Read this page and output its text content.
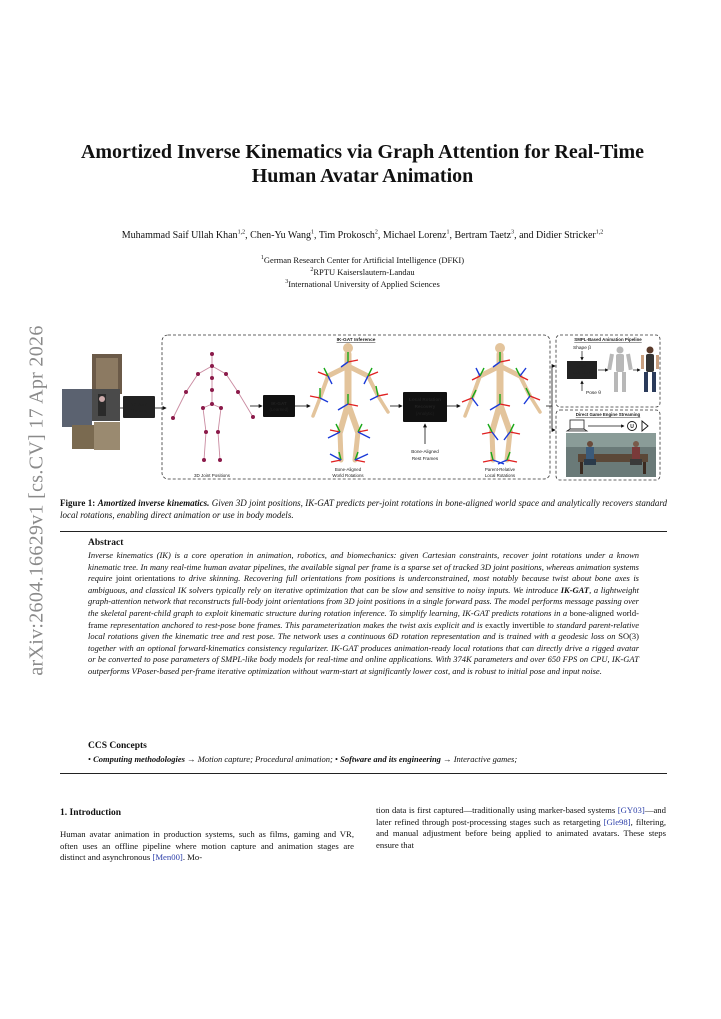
arXiv:2604.16629v1 [cs.CV] 17 Apr 2026
Amortized Inverse Kinematics via Graph Attention for Real-Time
Human Avatar Animation
Muhammad Saif Ullah Khan$^{1,2}$, Chen-Yu Wang$^1$, Tim Prokosch$^2$, Michael Lorenz$^1$, Bertram Taetz$^3$, and Didier Stricker$^{1,2}$
$^1$German Research Center for Artificial Intelligence (DFKI)
$^2$RPTU Kaiserslautern-Landau
$^3$International University of Applied Sciences
3D Joint
Tracking
3D Joint Positions
IK-GAT Inference
IK-GAT
(Learned)
Bone-Aligned
World Rotations
Local Rotation
Recovery
(Analytic)
Bone-Aligned
Rest Frames
Parent-Relative
Local Rotations
SMPL-Based Animation Pipeline
Shape β
SMPL
Body Model
Pose θ
Direct Game Engine Streaming
U
Figure 1: Amortized inverse kinematics. Given 3D joint positions, IK-GAT predicts per-joint rotations in bone-aligned world space and analytically recovers standard local rotations, enabling direct animation or use in body models.
Abstract
Inverse kinematics (IK) is a core operation in animation, robotics, and biomechanics: given Cartesian constraints, recover joint rotations under a known kinematic tree. In many real-time human avatar pipelines, the available signal per frame is a sparse set of tracked 3D joint positions, whereas animation systems require joint orientations to drive skinning. Recovering full orientations from positions is underconstrained, most notably because twist about bone axes is ambiguous, and classical IK solvers typically rely on iterative optimization that can be slow and sensitive to noisy inputs. We introduce IK-GAT, a lightweight graph-attention network that reconstructs full-body joint orientations from 3D joint positions in a single forward pass. The model performs message passing over the skeletal parent-child graph to exploit kinematic structure during rotation inference. To simplify learning, IK-GAT predicts rotations in a bone-aligned world-frame representation anchored to rest-pose bone frames. This parameterization makes the twist axis explicit and is exactly invertible to standard parent-relative local rotations given the kinematic tree and rest pose. The network uses a continuous 6D rotation representation and is trained with a geodesic loss on SO(3) together with an optional forward-kinematics consistency regularizer. IK-GAT produces animation-ready local rotations that can directly drive a rigged avatar or be converted to pose parameters of SMPL-like body models for real-time and online applications. With 374K parameters and over 650 FPS on CPU, IK-GAT outperforms VPoser-based per-frame iterative optimization without warm-start at significantly lower cost, and is robust to initial pose and input noise.
CCS Concepts
• Computing methodologies → Motion capture; Procedural animation; • Software and its engineering → Interactive games;
1. Introduction
Human avatar animation in production systems, such as films, gaming and VR, often uses an offline pipeline where motion capture and animation stages are distinct and asynchronous [Men00]. Mo-
tion data is first captured—traditionally using marker-based systems [GY03]—and later refined through post-processing stages such as retargeting [Gle98], filtering, and manual adjustment before being applied to animated avatars. These steps ensure that
